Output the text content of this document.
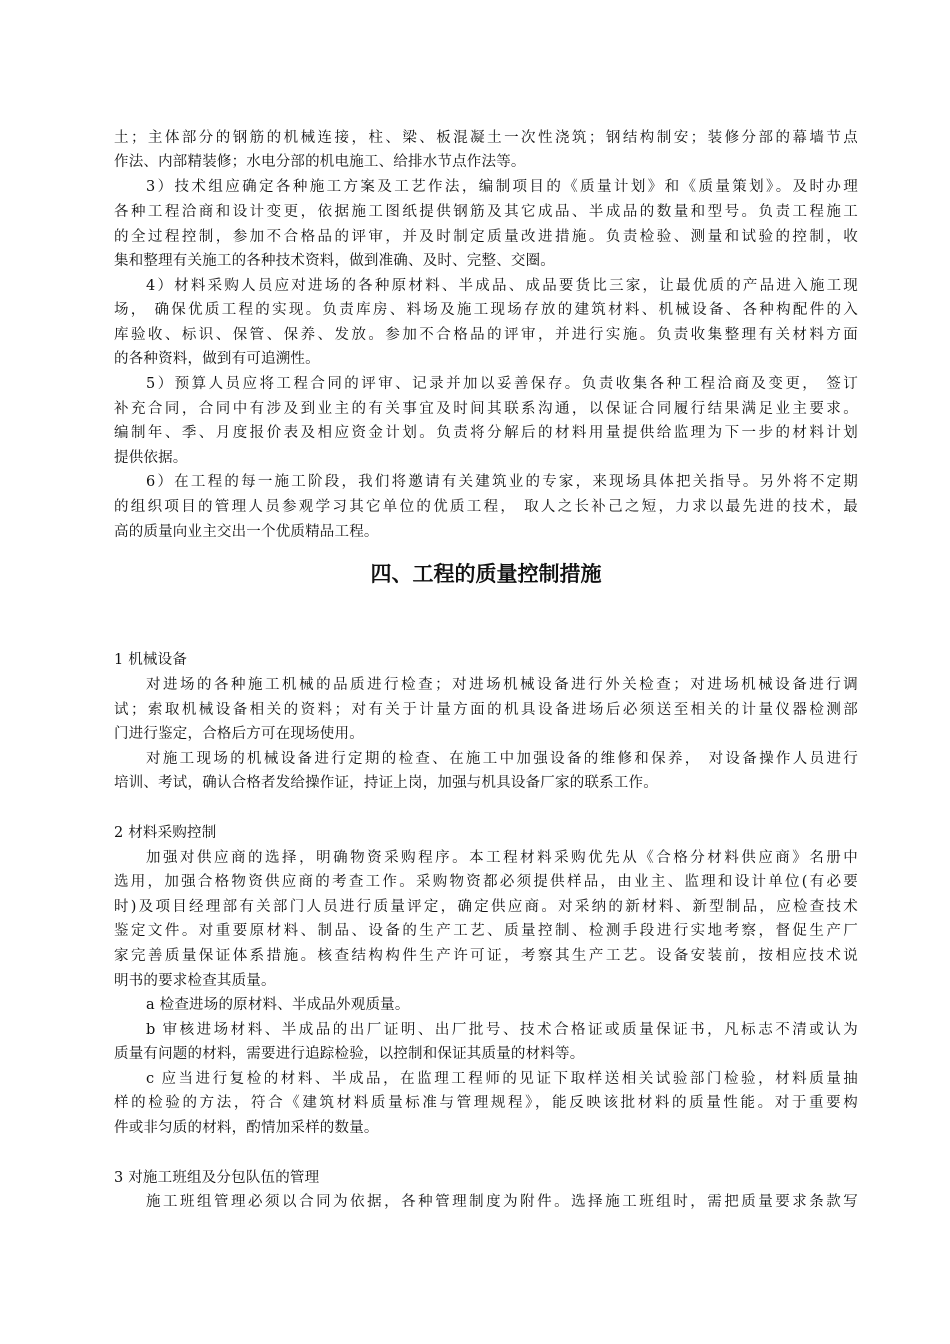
土；主体部分的钢筋的机械连接，柱、梁、板混凝土一次性浇筑；钢结构制安；装修分部的幕墙节点
作法、内部精装修；水电分部的机电施工、给排水节点作法等。
3）技术组应确定各种施工方案及工艺作法，编制项目的《质量计划》和《质量策划》。及时办理
各种工程洽商和设计变更，依据施工图纸提供钢筋及其它成品、半成品的数量和型号。负责工程施工
的全过程控制，参加不合格品的评审，并及时制定质量改进措施。负责检验、测量和试验的控制，收
集和整理有关施工的各种技术资料，做到准确、及时、完整、交圈。
4）材料采购人员应对进场的各种原材料、半成品、成品要货比三家，让最优质的产品进入施工现
场， 确保优质工程的实现。负责库房、料场及施工现场存放的建筑材料、机械设备、各种构配件的入
库验收、标识、保管、保养、发放。参加不合格品的评审，并进行实施。负责收集整理有关材料方面
的各种资料，做到有可追溯性。
5）预算人员应将工程合同的评审、记录并加以妥善保存。负责收集各种工程洽商及变更， 签订
补充合同，合同中有涉及到业主的有关事宜及时间其联系沟通，以保证合同履行结果满足业主要求。
编制年、季、月度报价表及相应资金计划。负责将分解后的材料用量提供给监理为下一步的材料计划
提供依据。
6）在工程的每一施工阶段，我们将邀请有关建筑业的专家，来现场具体把关指导。另外将不定期
的组织项目的管理人员参观学习其它单位的优质工程， 取人之长补己之短，力求以最先进的技术，最
高的质量向业主交出一个优质精品工程。
四、工程的质量控制措施
1 机械设备
对进场的各种施工机械的品质进行检查；对进场机械设备进行外关检查；对进场机械设备进行调
试；索取机械设备相关的资料；对有关于计量方面的机具设备进场后必须送至相关的计量仪器检测部
门进行鉴定，合格后方可在现场使用。
对施工现场的机械设备进行定期的检查、在施工中加强设备的维修和保养， 对设备操作人员进行
培训、考试，确认合格者发给操作证，持证上岗，加强与机具设备厂家的联系工作。
2 材料采购控制
加强对供应商的选择，明确物资采购程序。本工程材料采购优先从《合格分材料供应商》名册中
选用，加强合格物资供应商的考查工作。采购物资都必须提供样品，由业主、监理和设计单位(有必要
时)及项目经理部有关部门人员进行质量评定，确定供应商。对采纳的新材料、新型制品，应检查技术
鉴定文件。对重要原材料、制品、设备的生产工艺、质量控制、检测手段进行实地考察，督促生产厂
家完善质量保证体系措施。核查结构构件生产许可证，考察其生产工艺。设备安装前，按相应技术说
明书的要求检查其质量。
a 检查进场的原材料、半成品外观质量。
b 审核进场材料、半成品的出厂证明、出厂批号、技术合格证或质量保证书，凡标志不清或认为
质量有问题的材料，需要进行追踪检验，以控制和保证其质量的材料等。
c 应当进行复检的材料、半成品，在监理工程师的见证下取样送相关试验部门检验，材料质量抽
样的检验的方法，符合《建筑材料质量标准与管理规程》，能反映该批材料的质量性能。对于重要构
件或非匀质的材料，酌情加采样的数量。
3 对施工班组及分包队伍的管理
施工班组管理必须以合同为依据，各种管理制度为附件。选择施工班组时，需把质量要求条款写
